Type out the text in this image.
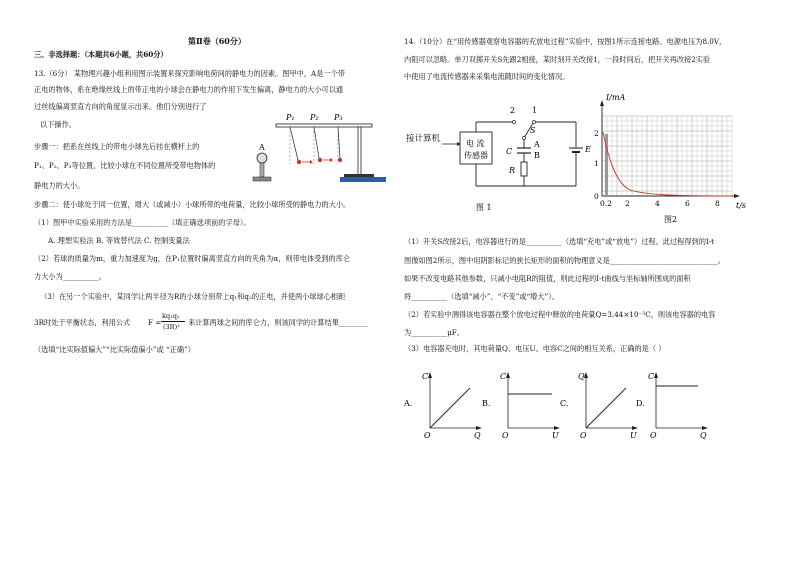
第Ⅱ卷（60分）
三、非选择题：（本题共6小题，共60分）
13.（6分） 某物理兴趣小组利用图示装置来探究影响电荷间的静电力的因素。图甲中，A是一个带
正电的物体，系在绝缘丝线上的带正电的小球会在静电力的作用下发生偏离，静电力的大小可以通
过丝线偏离竖直方向的角度显示出来。他们分别进行了
以下操作。
步骤一：把系在丝线上的带电小球先后挂在横杆上的
P₁、P₂、P₃等位置，比较小球在不同位置所受带电物体的
静电力的大小。
步骤二：使小球处于同一位置，增大（或减小）小球所带的电荷量，比较小球所受的静电力的大小。
（1）图甲中实验采用的方法是__________（填正确选项前的字母）。
A. 理想实验法 B. 等效替代法 C. 控制变量法
（2）若球的质量为m，重力加速度为g，在P₁位置时偏离竖直方向的夹角为α，则带电体受到的库仑
力大小为__________。
（3）在另一个实验中，某同学让两半径为R的小球分别带上q₁和q₂的正电，并使两小球球心相距
3R时处于平衡状态，利用公式 F =
kq₁q₂
(3R)² 来计算两球之间的库仑力，则该同学的计算结果________
（选填“比实际值偏大”“比实际值偏小”或 “正确”）
P₁ P₂ P₃
A
14.（10分）在“用传感器观察电容器的充放电过程”实验中，按图1所示连接电路。电源电压为8.0V，
内阻可以忽略。单刀双掷开关S先跟2相接，某时刻开关改接1，一段时间后，把开关再改接2实验
中使用了电流传感器来采集电流随时间的变化情况。
接计算机	电 流
传感器
2 1
S
A
B
C
R
E
图 1
I/mA
t/s
2
1
0
0.2 2	4	6	8
图2
（1）开关S改接2后，电容器进行的是__________（选填“充电”或“放电”）过程。此过程得到的I-t
图像如图2所示，图中用阴影标记的狭长矩形的面积的物理意义是______________________________。
如果不改变电路其他参数，只减小电阻R的阻值，则此过程的I-t曲线与坐标轴所围成的面积
将__________（选填“减小”、“不变”或“增大”）。
（2）若实验中测得该电容器在整个放电过程中释放的电荷量Q=3.44×10⁻³C，则该电容器的电容
为__________μF。
（3）电容器充电时，其电荷量Q、电压U、电容C之间的相互关系，正确的是（ ）
A.
C
Q
O
B.
C
U
O
C.
Q
U
O
D.
C
Q
O
